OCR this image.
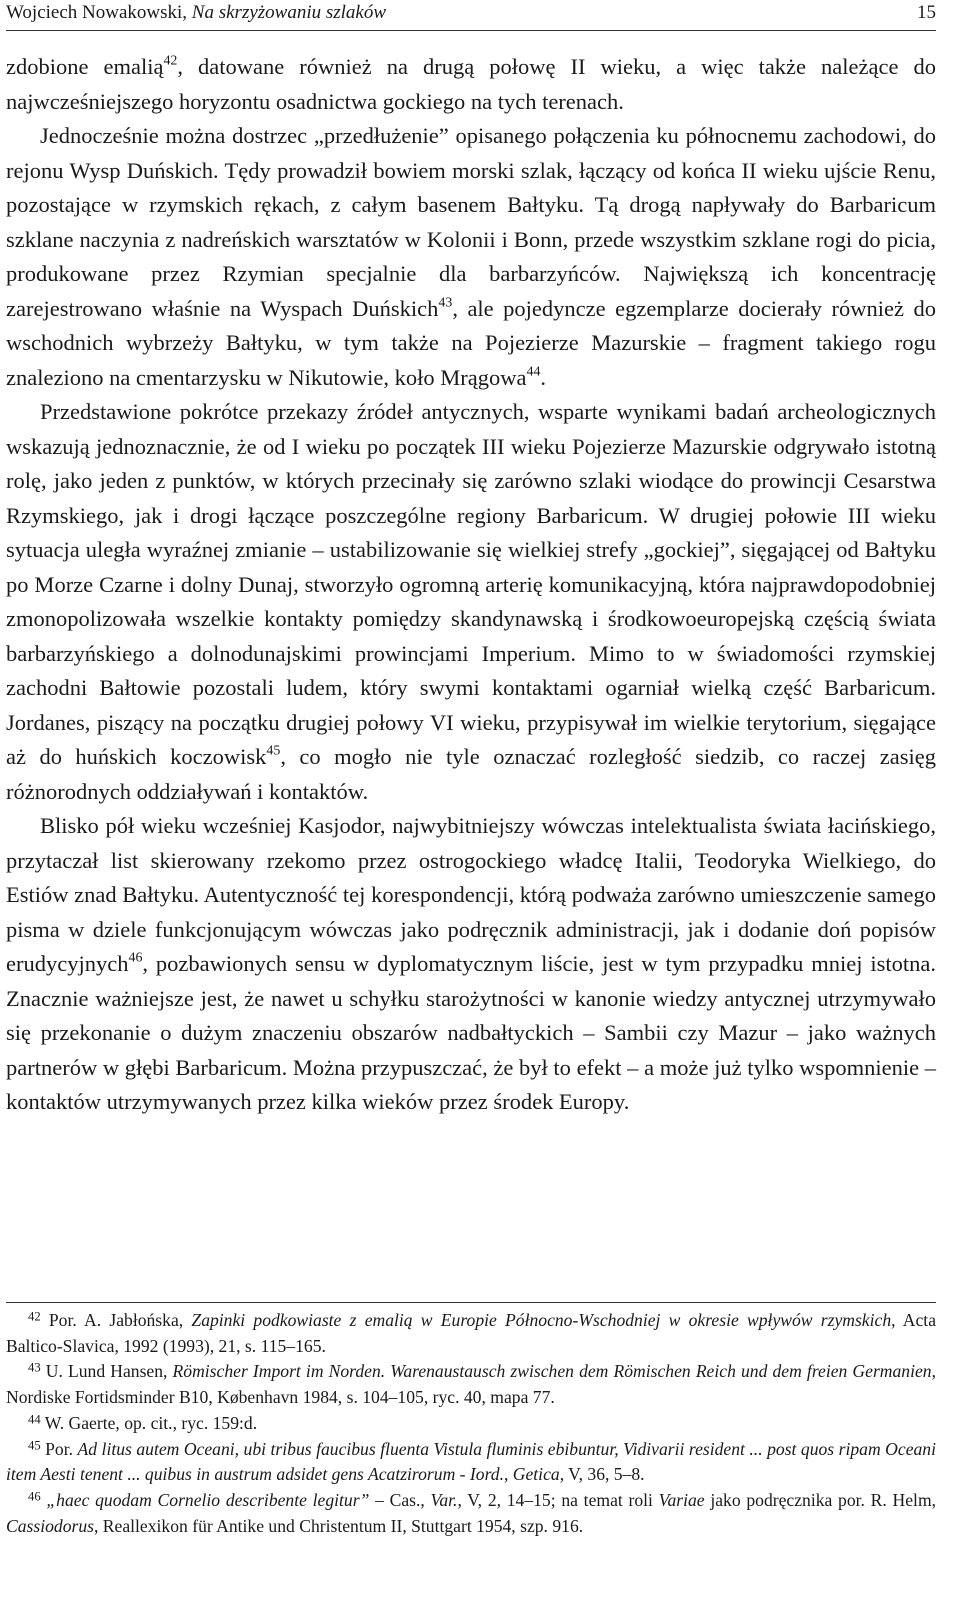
Wojciech Nowakowski, Na skrzyżowaniu szlaków	15

zdobione emalią$^{42}$, datowane również na drugą połowę II wieku, a więc także należące do najwcześniejszego horyzontu osadnictwa gockiego na tych terenach.

Jednocześnie można dostrzec „przedłużenie” opisanego połączenia ku północnemu zachodowi, do rejonu Wysp Duńskich. Tędy prowadził bowiem morski szlak, łączący od końca II wieku ujście Renu, pozostające w rzymskich rękach, z całym basenem Bałtyku. Tą drogą napływały do Barbaricum szklane naczynia z nadreńskich warsztatów w Kolonii i Bonn, przede wszystkim szklane rogi do picia, produkowane przez Rzymian specjalnie dla barbarzyńców. Największą ich koncentrację zarejestrowano właśnie na Wyspach Duńskich$^{43}$, ale pojedyncze egzemplarze docierały również do wschodnich wybrzeży Bałtyku, w tym także na Pojezierze Mazurskie – fragment takiego rogu znaleziono na cmentarzysku w Nikutowie, koło Mrągowa$^{44}$.

Przedstawione pokrótce przekazy źródeł antycznych, wsparte wynikami badań archeologicznych wskazują jednoznacznie, że od I wieku po początek III wieku Pojezierze Mazurskie odgrywało istotną rolę, jako jeden z punktów, w których przecinały się zarówno szlaki wiodące do prowincji Cesarstwa Rzymskiego, jak i drogi łączące poszczególne regiony Barbaricum. W drugiej połowie III wieku sytuacja uległa wyraźnej zmianie – ustabilizowanie się wielkiej strefy „gockiej”, sięgającej od Bałtyku po Morze Czarne i dolny Dunaj, stworzyło ogromną arterię komunikacyjną, która najprawdopodobniej zmonopolizowała wszelkie kontakty pomiędzy skandynawską i środkowoeuropejską częścią świata barbarzyńskiego a dolnodunajskimi prowincjami Imperium. Mimo to w świadomości rzymskiej zachodni Bałtowie pozostali ludem, który swymi kontaktami ogarniał wielką część Barbaricum. Jordanes, piszący na początku drugiej połowy VI wieku, przypisywał im wielkie terytorium, sięgające aż do huńskich koczowisk$^{45}$, co mogło nie tyle oznaczać rozległość siedzib, co raczej zasięg różnorodnych oddziaływań i kontaktów.

Blisko pół wieku wcześniej Kasjodor, najwybitniejszy wówczas intelektualista świata łacińskiego, przytaczał list skierowany rzekomo przez ostrogockiego władcę Italii, Teodoryka Wielkiego, do Estiów znad Bałtyku. Autentyczność tej korespondencji, którą podważa zarówno umieszczenie samego pisma w dziele funkcjonującym wówczas jako podręcznik administracji, jak i dodanie doń popisów erudycyjnych$^{46}$, pozbawionych sensu w dyplomatycznym liście, jest w tym przypadku mniej istotna. Znacznie ważniejsze jest, że nawet u schyłku starożytności w kanonie wiedzy antycznej utrzymywało się przekonanie o dużym znaczeniu obszarów nadbałtyckich – Sambii czy Mazur – jako ważnych partnerów w głębi Barbaricum. Można przypuszczać, że był to efekt – a może już tylko wspomnienie – kontaktów utrzymywanych przez kilka wieków przez środek Europy.

$^{42}$ Por. A. Jabłońska, Zapinki podkowiaste z emalią w Europie Północno-Wschodniej w okresie wpływów rzymskich, Acta Baltico-Slavica, 1992 (1993), 21, s. 115–165.

$^{43}$ U. Lund Hansen, Römischer Import im Norden. Warenaustausch zwischen dem Römischen Reich und dem freien Germanien, Nordiske Fortidsminder B10, København 1984, s. 104–105, ryc. 40, mapa 77.

$^{44}$ W. Gaerte, op. cit., ryc. 159:d.

$^{45}$ Por. Ad litus autem Oceani, ubi tribus faucibus fluenta Vistula fluminis ebibuntur, Vidivarii resident ... post quos ripam Oceani item Aesti tenent ... quibus in austrum adsidet gens Acatzirorum - Iord., Getica, V, 36, 5–8.

$^{46}$ „haec quodam Cornelio describente legitur” – Cas., Var., V, 2, 14–15; na temat roli Variae jako podręcznika por. R. Helm, Cassiodorus, Reallexikon für Antike und Christentum II, Stuttgart 1954, szp. 916.
